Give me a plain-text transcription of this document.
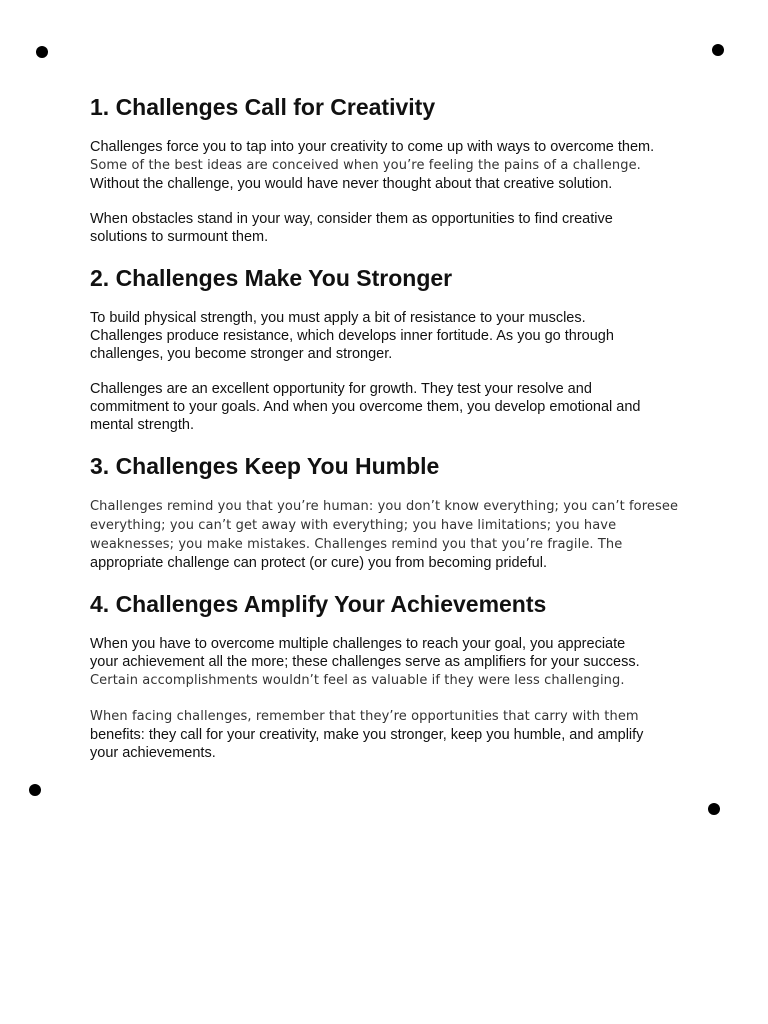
1. Challenges Call for Creativity

Challenges force you to tap into your creativity to come up with ways to overcome them.
Some of the best ideas are conceived when you’re feeling the pains of a challenge.
Without the challenge, you would have never thought about that creative solution.

When obstacles stand in your way, consider them as opportunities to find creative
solutions to surmount them.

2. Challenges Make You Stronger

To build physical strength, you must apply a bit of resistance to your muscles.
Challenges produce resistance, which develops inner fortitude. As you go through
challenges, you become stronger and stronger.

Challenges are an excellent opportunity for growth. They test your resolve and
commitment to your goals. And when you overcome them, you develop emotional and
mental strength.

3. Challenges Keep You Humble

Challenges remind you that you’re human: you don’t know everything; you can’t foresee
everything; you can’t get away with everything; you have limitations; you have
weaknesses; you make mistakes. Challenges remind you that you’re fragile. The
appropriate challenge can protect (or cure) you from becoming prideful.

4. Challenges Amplify Your Achievements

When you have to overcome multiple challenges to reach your goal, you appreciate
your achievement all the more; these challenges serve as amplifiers for your success.
Certain accomplishments wouldn’t feel as valuable if they were less challenging.

When facing challenges, remember that they’re opportunities that carry with them
benefits: they call for your creativity, make you stronger, keep you humble, and amplify
your achievements.
